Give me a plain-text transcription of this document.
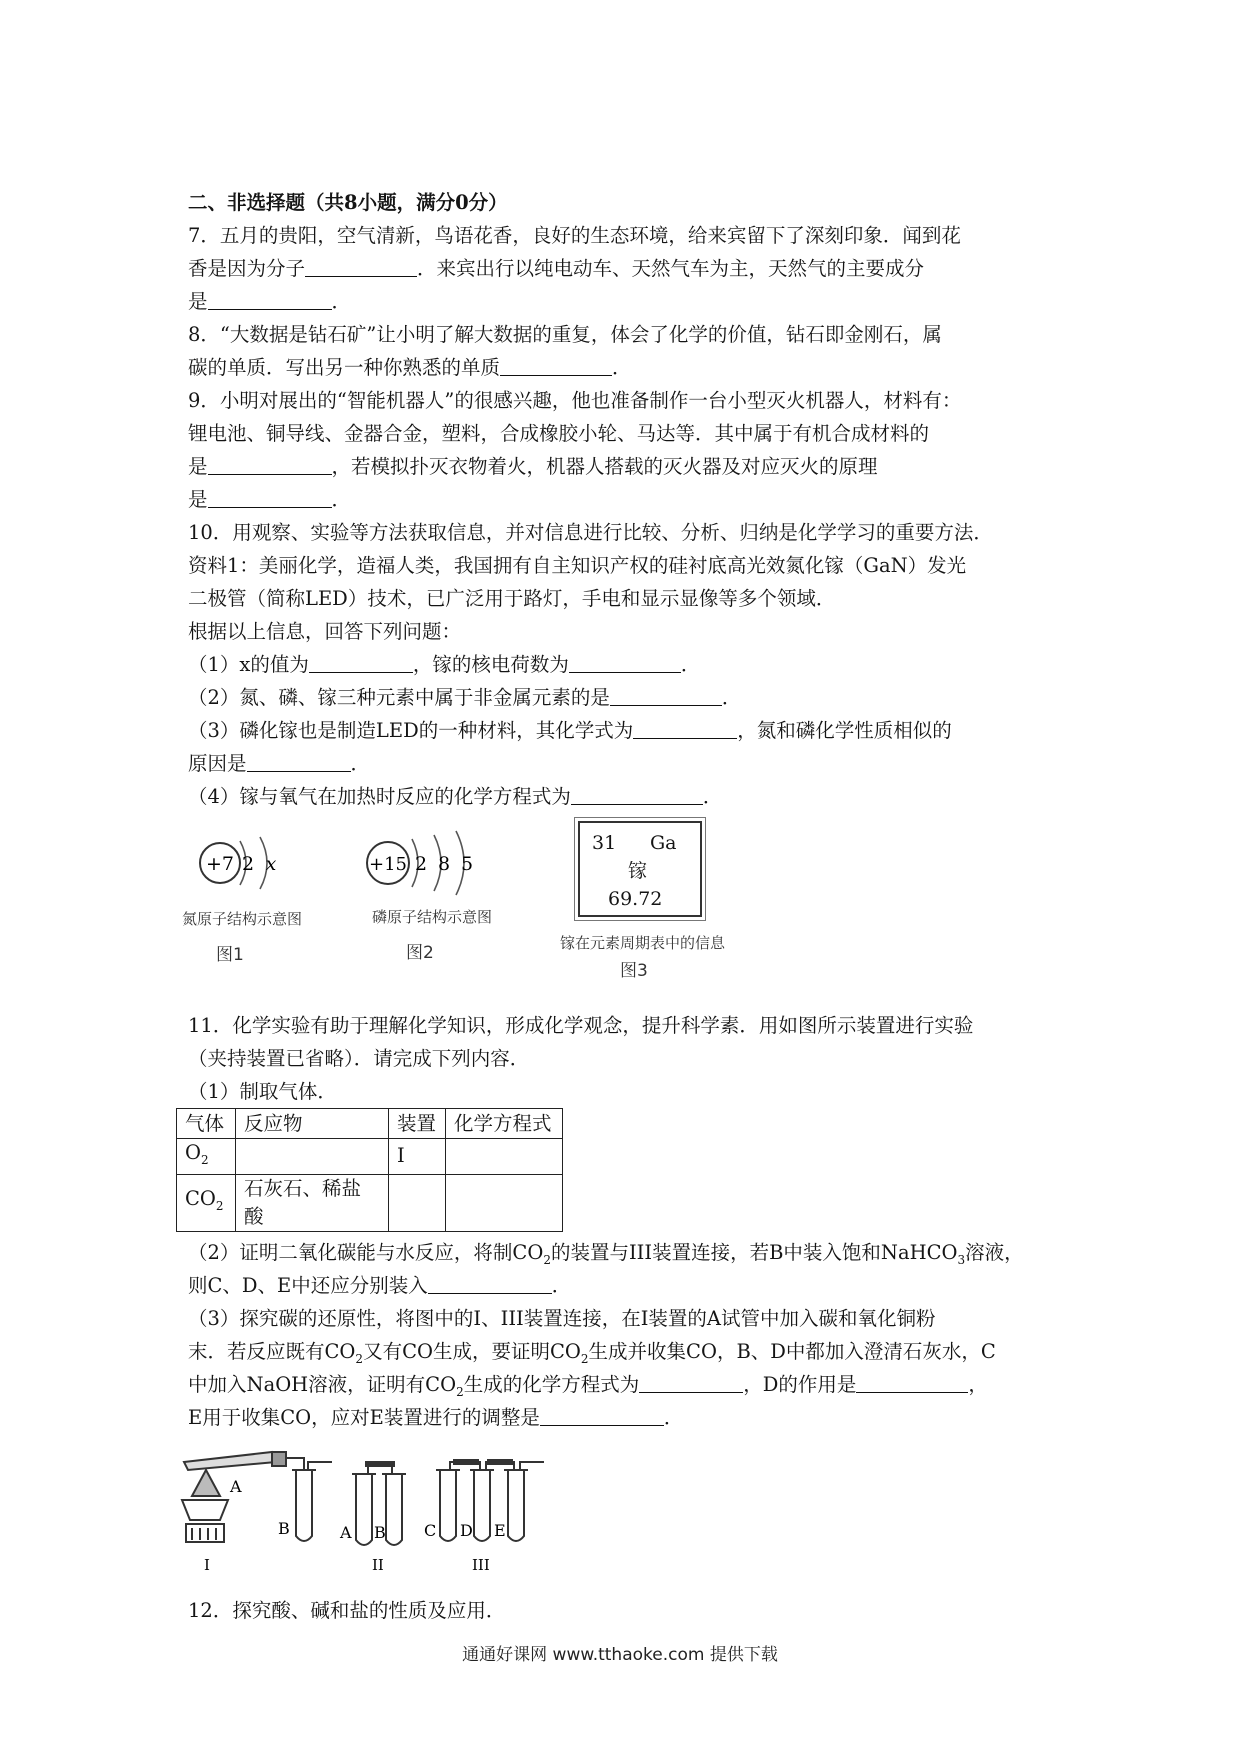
二、非选择题（共8小题，满分0分）
7．五月的贵阳，空气清新，鸟语花香，良好的生态环境，给来宾留下了深刻印象．闻到花
香是因为分子	．来宾出行以纯电动车、天然气车为主，天然气的主要成分
是	．
8．“大数据是钻石矿”让小明了解大数据的重复，体会了化学的价值，钻石即金刚石，属
碳的单质．写出另一种你熟悉的单质	．
9．小明对展出的“智能机器人”的很感兴趣，他也准备制作一台小型灭火机器人，材料有：
锂电池、铜导线、金器合金，塑料，合成橡胶小轮、马达等．其中属于有机合成材料的
是	，若模拟扑灭衣物着火，机器人搭载的灭火器及对应灭火的原理
是	．
10．用观察、实验等方法获取信息，并对信息进行比较、分析、归纳是化学学习的重要方法．
资料1：美丽化学，造福人类，我国拥有自主知识产权的硅衬底高光效氮化镓（GaN）发光
二极管（简称LED）技术，已广泛用于路灯，手电和显示显像等多个领域．
根据以上信息，回答下列问题：
（1）x的值为	，镓的核电荷数为	．
（2）氮、磷、镓三种元素中属于非金属元素的是	．
（3）磷化镓也是制造LED的一种材料，其化学式为	，氮和磷化学性质相似的
原因是	．
（4）镓与氧气在加热时反应的化学方程式为	．
+7 2 x
氮原子结构示意图
图1
+15 2 8 5
磷原子结构示意图
图2
31 Ga
镓
69.72
镓在元素周期表中的信息
图3
11．化学实验有助于理解化学知识，形成化学观念，提升科学素．用如图所示装置进行实验
（夹持装置已省略）．请完成下列内容．
（1）制取气体．
气体	反应物	装置	化学方程式
$O_2$		I	
$CO_2$	石灰石、稀盐酸		
（2）证明二氧化碳能与水反应，将制$CO_2$的装置与III装置连接，若B中装入饱和NaHCO$_3$溶液，
则C、D、E中还应分别装入	．
（3）探究碳的还原性，将图中的I、III装置连接，在I装置的A试管中加入碳和氧化铜粉
末．若反应既有$CO_2$又有CO生成，要证明$CO_2$生成并收集CO，B、D中都加入澄清石灰水，C
中加入NaOH溶液，证明有$CO_2$生成的化学方程式为	，D的作用是	，
E用于收集CO，应对E装置进行的调整是	．
A
B	A B C D E
I	II	III
12．探究酸、碱和盐的性质及应用．
通通好课网 www.tthaoke.com 提供下载
